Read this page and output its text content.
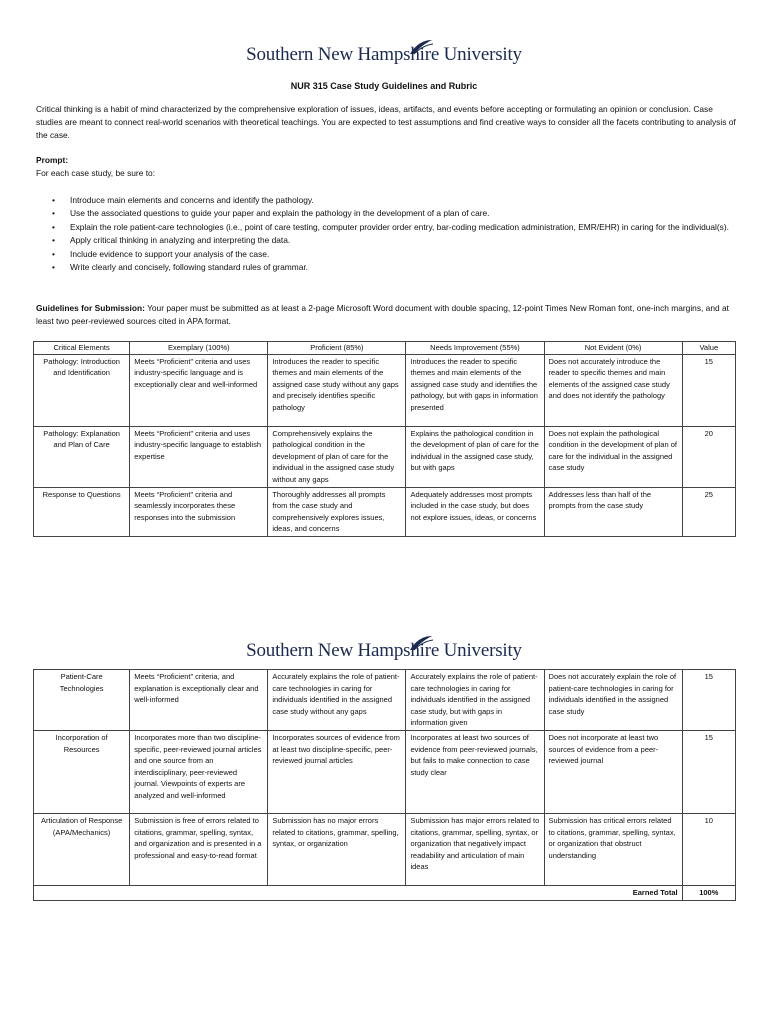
Southern New Hampshire University
NUR 315 Case Study Guidelines and Rubric

Critical thinking is a habit of mind characterized by the comprehensive exploration of issues, ideas, artifacts, and events before accepting or formulating an opinion or conclusion. Case studies are meant to connect real-world scenarios with theoretical teachings. You are expected to test assumptions and find creative ways to consider all the facets contributing to analysis of the case.

Prompt:
For each case study, be sure to:
• Introduce main elements and concerns and identify the pathology.
• Use the associated questions to guide your paper and explain the pathology in the development of a plan of care.
• Explain the role patient-care technologies (i.e., point of care testing, computer provider order entry, bar-coding medication administration, EMR/EHR) in caring for the individual(s).
• Apply critical thinking in analyzing and interpreting the data.
• Include evidence to support your analysis of the case.
• Write clearly and concisely, following standard rules of grammar.

Guidelines for Submission: Your paper must be submitted as at least a 2-page Microsoft Word document with double spacing, 12-point Times New Roman font, one-inch margins, and at least two peer-reviewed sources cited in APA format.

Critical Elements	Exemplary (100%)	Proficient (85%)	Needs Improvement (55%)	Not Evident (0%)	Value
Pathology: Introduction and Identification	Meets “Proficient” criteria and uses industry-specific language and is exceptionally clear and well-informed	Introduces the reader to specific themes and main elements of the assigned case study without any gaps and precisely identifies specific pathology	Introduces the reader to specific themes and main elements of the assigned case study and identifies the pathology, but with gaps in information presented	Does not accurately introduce the reader to specific themes and main elements of the assigned case study and does not identify the pathology	15
Pathology: Explanation and Plan of Care	Meets “Proficient” criteria and uses industry-specific language to establish expertise	Comprehensively explains the pathological condition in the development of plan of care for the individual in the assigned case study without any gaps	Explains the pathological condition in the development of plan of care for the individual in the assigned case study, but with gaps	Does not explain the pathological condition in the development of plan of care for the individual in the assigned case study	20
Response to Questions	Meets “Proficient” criteria and seamlessly incorporates these responses into the submission	Thoroughly addresses all prompts from the case study and comprehensively explores issues, ideas, and concerns	Adequately addresses most prompts included in the case study, but does not explore issues, ideas, or concerns	Addresses less than half of the prompts from the case study	25
Southern New Hampshire University
Patient-Care Technologies	Meets “Proficient” criteria, and explanation is exceptionally clear and well-informed	Accurately explains the role of patient-care technologies in caring for individuals identified in the assigned case study without any gaps	Accurately explains the role of patient-care technologies in caring for individuals identified in the assigned case study, but with gaps in information given	Does not accurately explain the role of patient-care technologies in caring for individuals identified in the assigned case study	15
Incorporation of Resources	Incorporates more than two discipline-specific, peer-reviewed journal articles and one source from an interdisciplinary, peer-reviewed journal. Viewpoints of experts are analyzed and well-informed	Incorporates sources of evidence from at least two discipline-specific, peer-reviewed journal articles	Incorporates at least two sources of evidence from peer-reviewed journals, but fails to make connection to case study clear	Does not incorporate at least two sources of evidence from a peer-reviewed journal	15
Articulation of Response (APA/Mechanics)	Submission is free of errors related to citations, grammar, spelling, syntax, and organization and is presented in a professional and easy-to-read format	Submission has no major errors related to citations, grammar, spelling, syntax, or organization	Submission has major errors related to citations, grammar, spelling, syntax, or organization that negatively impact readability and articulation of main ideas	Submission has critical errors related to citations, grammar, spelling, syntax, or organization that obstruct understanding	10
Earned Total					100%
